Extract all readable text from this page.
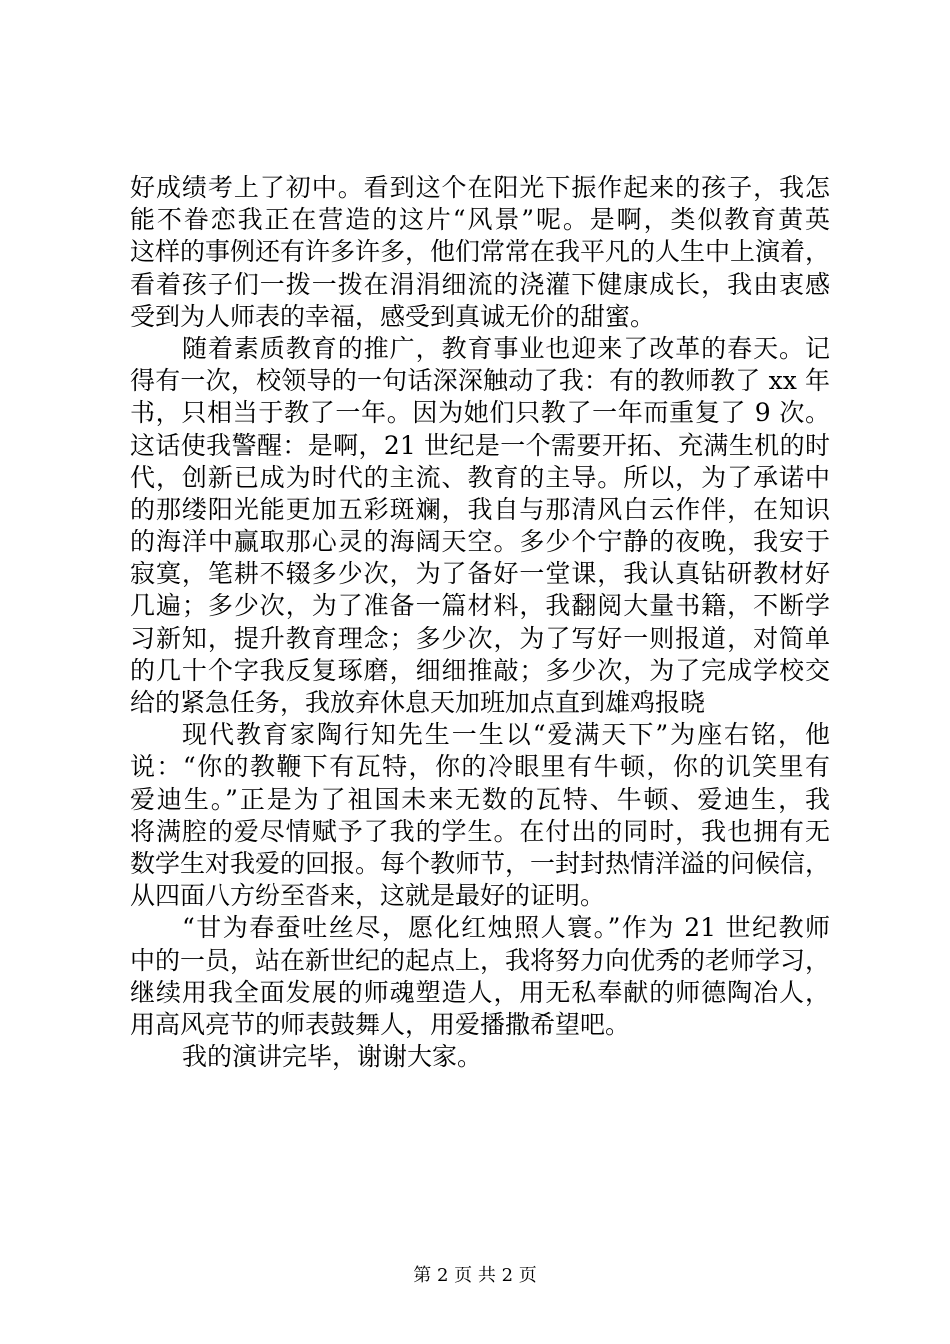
好成绩考上了初中。看到这个在阳光下振作起来的孩子，我怎
能不眷恋我正在营造的这片“风景”呢。是啊，类似教育黄英
这样的事例还有许多许多，他们常常在我平凡的人生中上演着，
看着孩子们一拨一拨在涓涓细流的浇灌下健康成长，我由衷感
受到为人师表的幸福，感受到真诚无价的甜蜜。
随着素质教育的推广，教育事业也迎来了改革的春天。记
得有一次，校领导的一句话深深触动了我：有的教师教了 xx 年
书，只相当于教了一年。因为她们只教了一年而重复了 9 次。
这话使我警醒：是啊，21 世纪是一个需要开拓、充满生机的时
代，创新已成为时代的主流、教育的主导。所以，为了承诺中
的那缕阳光能更加五彩斑斓，我自与那清风白云作伴，在知识
的海洋中赢取那心灵的海阔天空。多少个宁静的夜晚，我安于
寂寞，笔耕不辍多少次，为了备好一堂课，我认真钻研教材好
几遍；多少次，为了准备一篇材料，我翻阅大量书籍，不断学
习新知，提升教育理念；多少次，为了写好一则报道，对简单
的几十个字我反复琢磨，细细推敲；多少次，为了完成学校交
给的紧急任务，我放弃休息天加班加点直到雄鸡报晓
现代教育家陶行知先生一生以“爱满天下”为座右铭，他
说：“你的教鞭下有瓦特，你的冷眼里有牛顿，你的讥笑里有
爱迪生。”正是为了祖国未来无数的瓦特、牛顿、爱迪生，我
将满腔的爱尽情赋予了我的学生。在付出的同时，我也拥有无
数学生对我爱的回报。每个教师节，一封封热情洋溢的问候信，
从四面八方纷至沓来，这就是最好的证明。
“甘为春蚕吐丝尽，愿化红烛照人寰。”作为 21 世纪教师
中的一员，站在新世纪的起点上，我将努力向优秀的老师学习，
继续用我全面发展的师魂塑造人，用无私奉献的师德陶冶人，
用高风亮节的师表鼓舞人，用爱播撒希望吧。
我的演讲完毕，谢谢大家。
第 2 页 共 2 页
